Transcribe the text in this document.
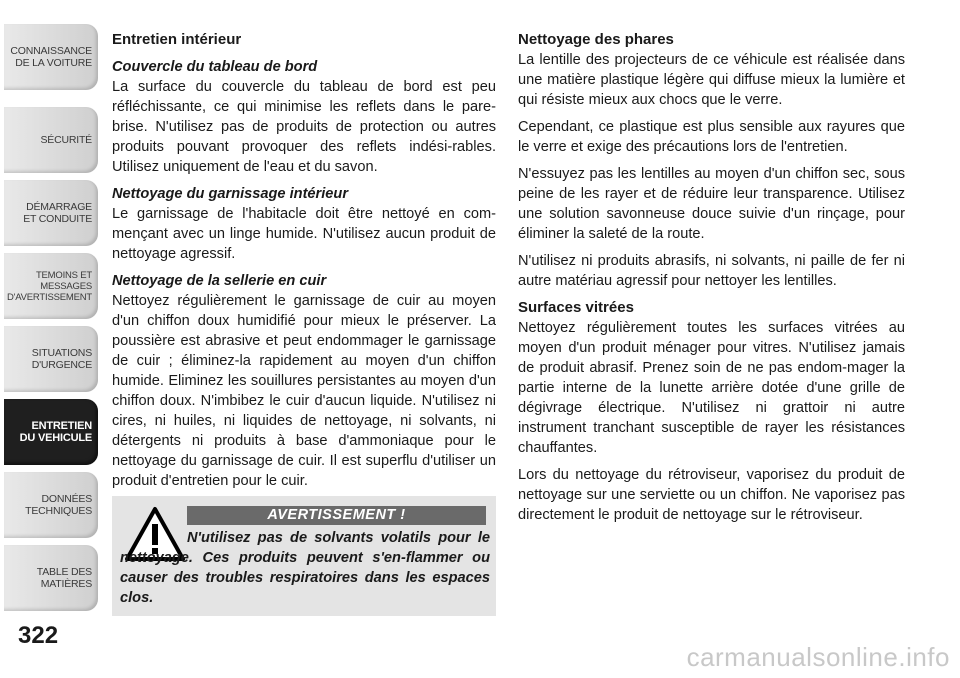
CONNAISSANCE
DE LA VOITURE
SÉCURITÉ
DÉMARRAGE
ET CONDUITE
TEMOINS ET
MESSAGES
D'AVERTISSEMENT
SITUATIONS
D'URGENCE
ENTRETIEN
DU VEHICULE
DONNÉES
TECHNIQUES
TABLE DES
MATIÈRES
322

Entretien intérieur

Couvercle du tableau de bord

La surface du couvercle du tableau de bord est peu réfléchissante, ce qui minimise les reflets dans le pare-brise. N'utilisez pas de produits de protection ou autres produits pouvant provoquer des reflets indési-rables. Utilisez uniquement de l'eau et du savon.

Nettoyage du garnissage intérieur

Le garnissage de l'habitacle doit être nettoyé en com-mençant avec un linge humide. N'utilisez aucun produit de nettoyage agressif.

Nettoyage de la sellerie en cuir

Nettoyez régulièrement le garnissage de cuir au moyen d'un chiffon doux humidifié pour mieux le préserver. La poussière est abrasive et peut endommager le garnissage de cuir ; éliminez-la rapidement au moyen d'un chiffon humide. Eliminez les souillures persistantes au moyen d'un chiffon doux. N'imbibez le cuir d'aucun liquide. N'utilisez ni cires, ni huiles, ni liquides de nettoyage, ni solvants, ni détergents ni produits à base d'ammoniaque pour le nettoyage du garnissage de cuir. Il est superflu d'utiliser un produit d'entretien pour le cuir.

AVERTISSEMENT !
N'utilisez pas de solvants volatils pour le nettoyage. Ces produits peuvent s'en-flammer ou causer des troubles respiratoires dans les espaces clos.

Nettoyage des phares

La lentille des projecteurs de ce véhicule est réalisée dans une matière plastique légère qui diffuse mieux la lumière et qui résiste mieux aux chocs que le verre.

Cependant, ce plastique est plus sensible aux rayures que le verre et exige des précautions lors de l'entretien.

N'essuyez pas les lentilles au moyen d'un chiffon sec, sous peine de les rayer et de réduire leur transparence. Utilisez une solution savonneuse douce suivie d'un rinçage, pour éliminer la saleté de la route.

N'utilisez ni produits abrasifs, ni solvants, ni paille de fer ni autre matériau agressif pour nettoyer les lentilles.

Surfaces vitrées

Nettoyez régulièrement toutes les surfaces vitrées au moyen d'un produit ménager pour vitres. N'utilisez jamais de produit abrasif. Prenez soin de ne pas endom-mager la partie interne de la lunette arrière dotée d'une grille de dégivrage électrique. N'utilisez ni grattoir ni autre instrument tranchant susceptible de rayer les résistances chauffantes.

Lors du nettoyage du rétroviseur, vaporisez du produit de nettoyage sur une serviette ou un chiffon. Ne vaporisez pas directement le produit de nettoyage sur le rétroviseur.

carmanualsonline.info
